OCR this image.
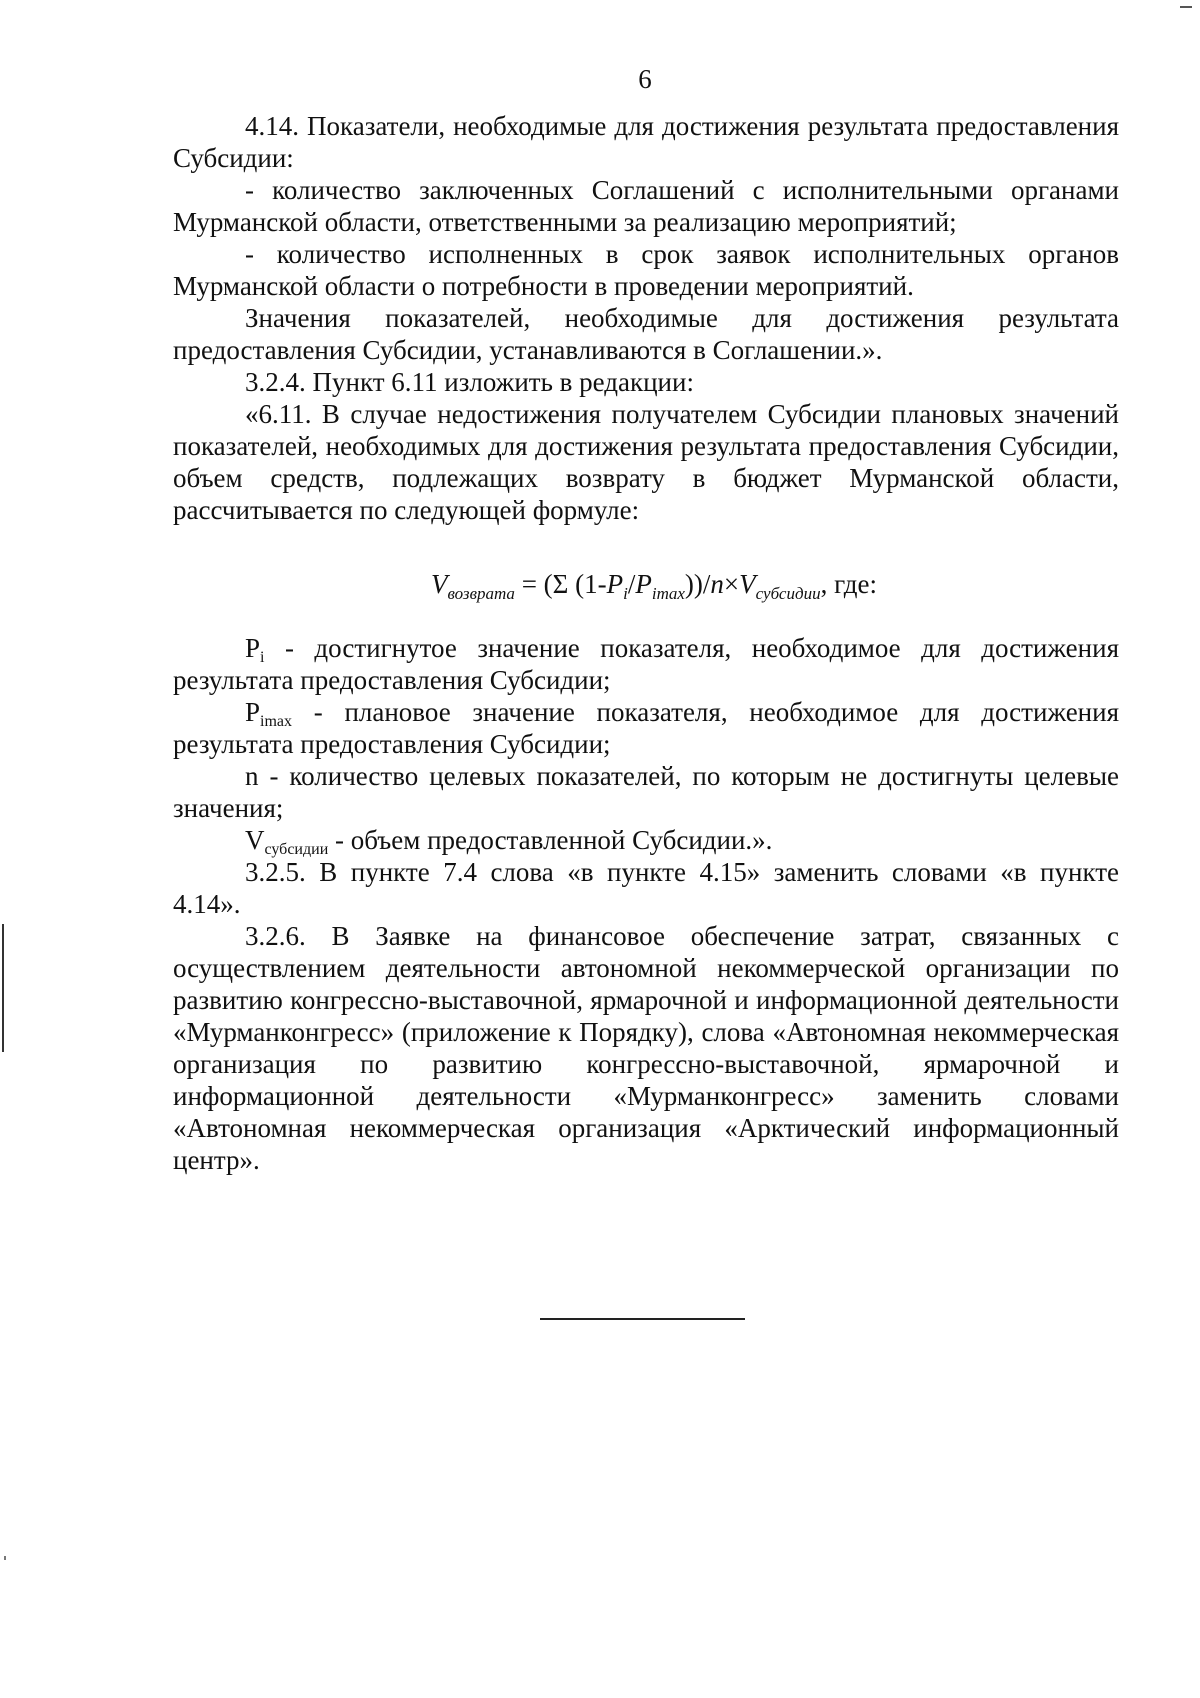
6

4.14. Показатели, необходимые для достижения результата предоставления Субсидии:

- количество заключенных Соглашений с исполнительными органами Мурманской области, ответственными за реализацию мероприятий;

- количество исполненных в срок заявок исполнительных органов Мурманской области о потребности в проведении мероприятий.

Значения показателей, необходимые для достижения результата предоставления Субсидии, устанавливаются в Соглашении.».

3.2.4. Пункт 6.11 изложить в редакции:

«6.11. В случае недостижения получателем Субсидии плановых значений показателей, необходимых для достижения результата предоставления Субсидии, объем средств, подлежащих возврату в бюджет Мурманской области, рассчитывается по следующей формуле:

$V_{возврата} = (\Sigma$ $(1-P_i/P_{imax}))/n\times V_{субсидии}$, где:

Pi - достигнутое значение показателя, необходимое для достижения результата предоставления Субсидии;

Pimax - плановое значение показателя, необходимое для достижения результата предоставления Субсидии;

n - количество целевых показателей, по которым не достигнуты целевые значения;

Vсубсидии - объем предоставленной Субсидии.».

3.2.5. В пункте 7.4 слова «в пункте 4.15» заменить словами «в пункте 4.14».

3.2.6. В Заявке на финансовое обеспечение затрат, связанных с осуществлением деятельности автономной некоммерческой организации по развитию конгрессно-выставочной, ярмарочной и информационной деятельности «Мурманконгресс» (приложение к Порядку), слова «Автономная некоммерческая организация по развитию конгрессно-выставочной, ярмарочной и информационной деятельности «Мурманконгресс» заменить словами «Автономная некоммерческая организация «Арктический информационный центр».
